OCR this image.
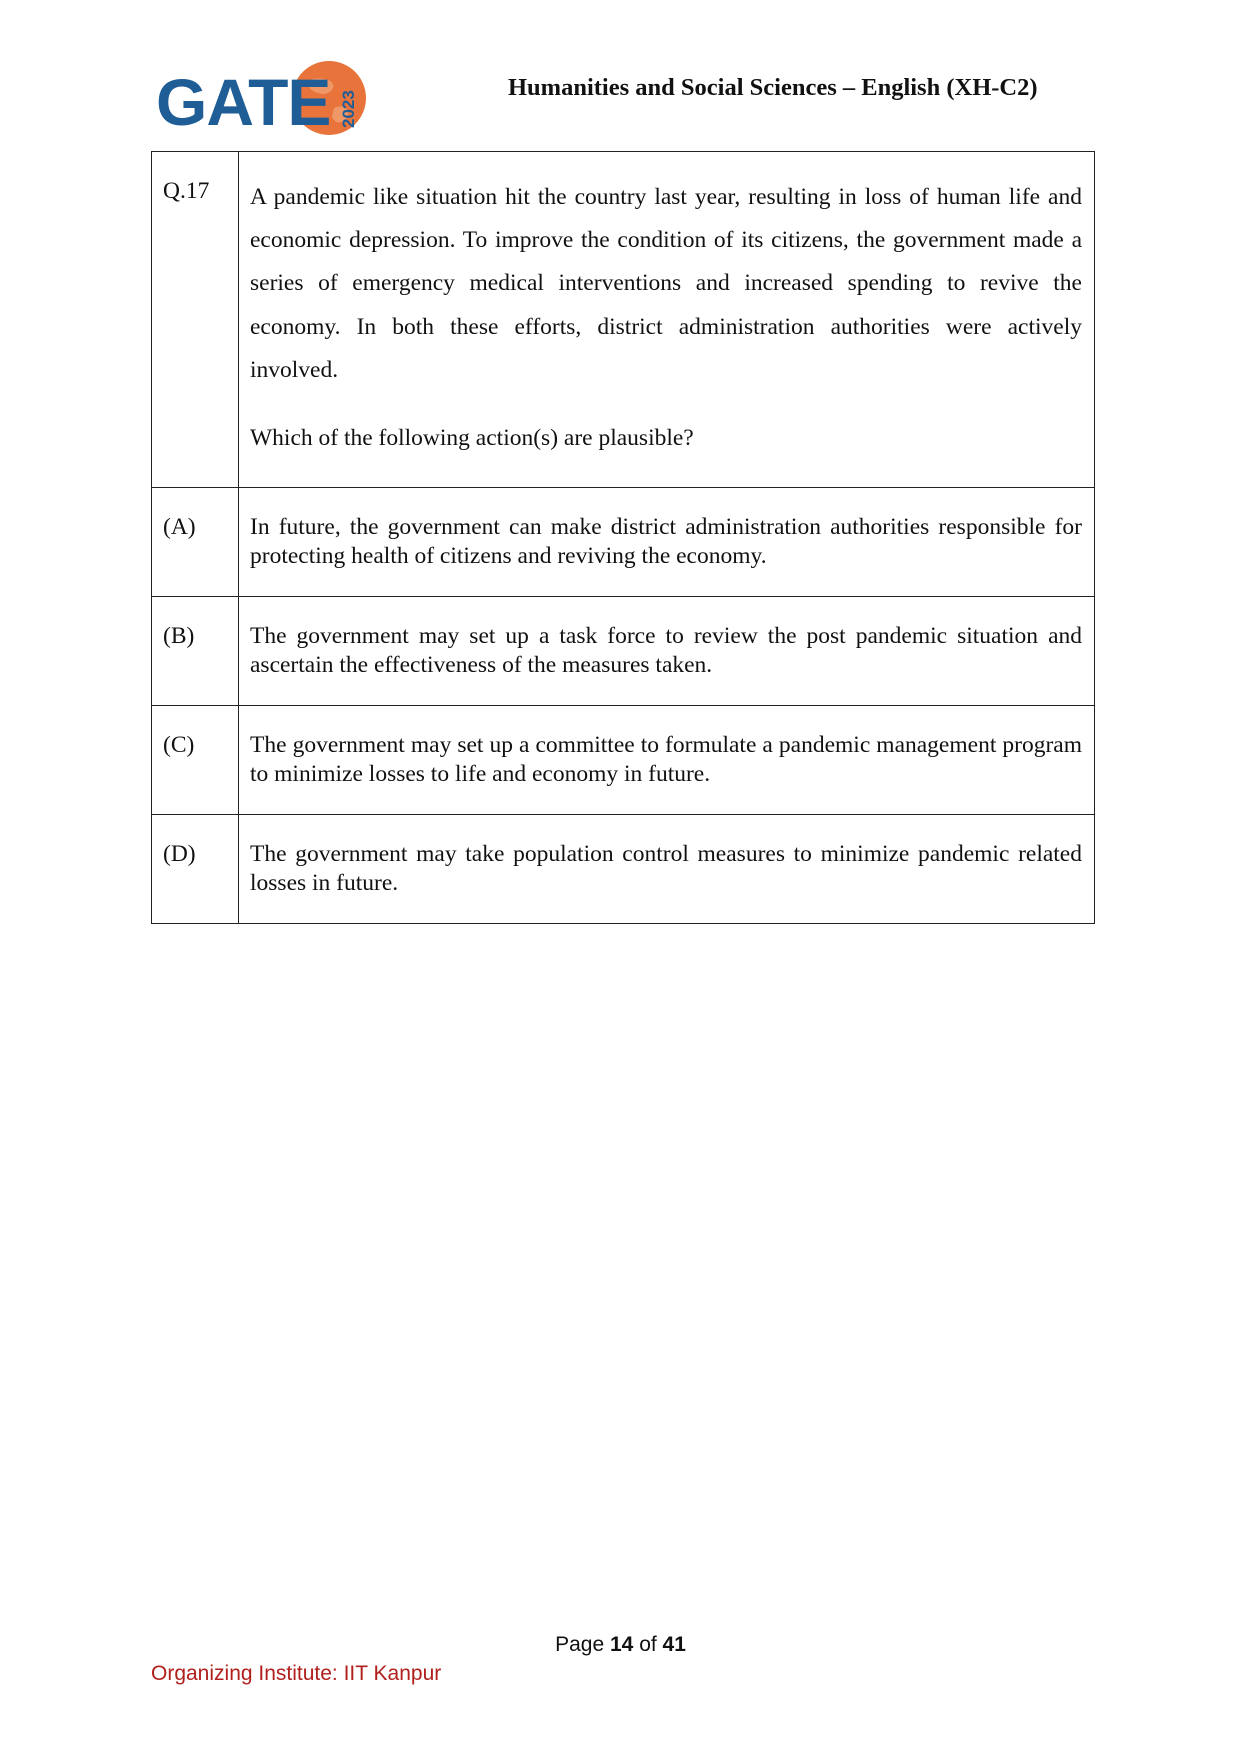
GATE 2023
Humanities and Social Sciences – English (XH-C2)
Q.17	A pandemic like situation hit the country last year, resulting in loss of human life and economic depression. To improve the condition of its citizens, the government made a series of emergency medical interventions and increased spending to revive the economy. In both these efforts, district administration authorities were actively involved.

Which of the following action(s) are plausible?

(A)	In future, the government can make district administration authorities responsible for protecting health of citizens and reviving the economy.
(B)	The government may set up a task force to review the post pandemic situation and ascertain the effectiveness of the measures taken.
(C)	The government may set up a committee to formulate a pandemic management program to minimize losses to life and economy in future.
(D)	The government may take population control measures to minimize pandemic related losses in future.
Page 14 of 41
Organizing Institute: IIT Kanpur
